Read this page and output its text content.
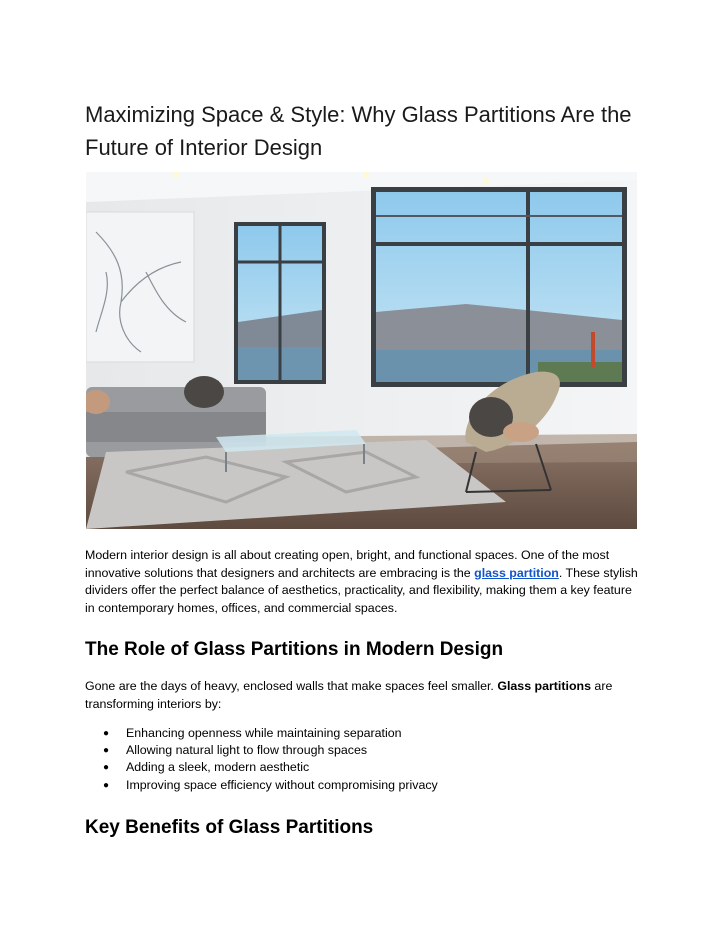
Maximizing Space & Style: Why Glass Partitions Are the Future of Interior Design

Modern interior design is all about creating open, bright, and functional spaces. One of the most innovative solutions that designers and architects are embracing is the glass partition. These stylish dividers offer the perfect balance of aesthetics, practicality, and flexibility, making them a key feature in contemporary homes, offices, and commercial spaces.

The Role of Glass Partitions in Modern Design

Gone are the days of heavy, enclosed walls that make spaces feel smaller. Glass partitions are transforming interiors by:

● Enhancing openness while maintaining separation
● Allowing natural light to flow through spaces
● Adding a sleek, modern aesthetic
● Improving space efficiency without compromising privacy
Key Benefits of Glass Partitions
